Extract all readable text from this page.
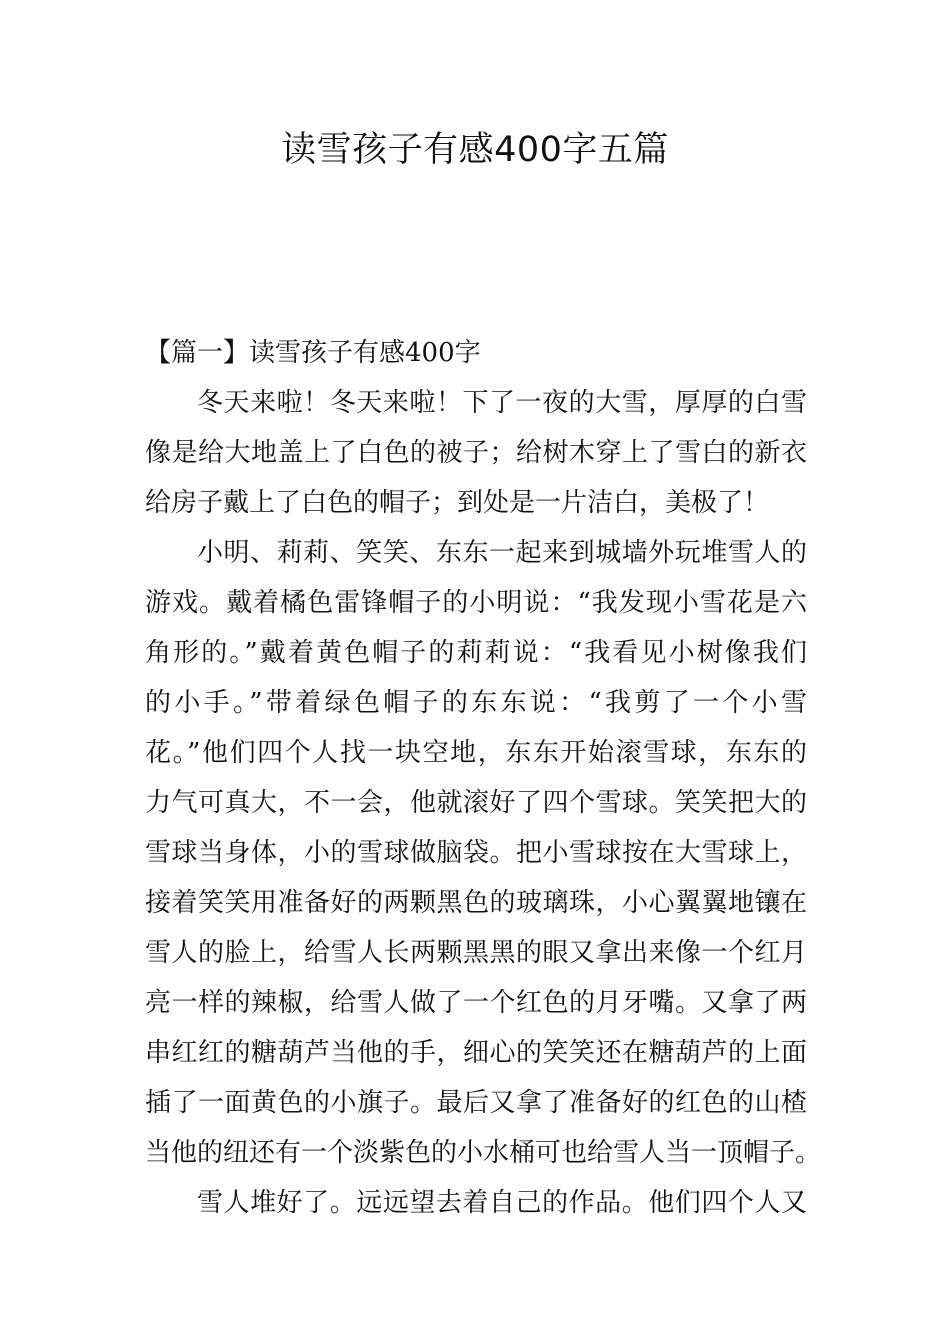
读雪孩子有感400字五篇

【篇一】读雪孩子有感400字

冬天来啦！冬天来啦！下了一夜的大雪，厚厚的白雪
像是给大地盖上了白色的被子；给树木穿上了雪白的新衣
给房子戴上了白色的帽子；到处是一片洁白，美极了！

小明、莉莉、笑笑、东东一起来到城墙外玩堆雪人的
游戏。戴着橘色雷锋帽子的小明说：“我发现小雪花是六
角形的。”戴着黄色帽子的莉莉说：“我看见小树像我们
的小手。”带着绿色帽子的东东说：“我剪了一个小雪
花。”他们四个人找一块空地，东东开始滚雪球，东东的
力气可真大，不一会，他就滚好了四个雪球。笑笑把大的
雪球当身体，小的雪球做脑袋。把小雪球按在大雪球上，
接着笑笑用准备好的两颗黑色的玻璃珠，小心翼翼地镶在
雪人的脸上，给雪人长两颗黑黑的眼又拿出来像一个红月
亮一样的辣椒，给雪人做了一个红色的月牙嘴。又拿了两
串红红的糖葫芦当他的手，细心的笑笑还在糖葫芦的上面
插了一面黄色的小旗子。最后又拿了准备好的红色的山楂
当他的纽还有一个淡紫色的小水桶可也给雪人当一顶帽子。

雪人堆好了。远远望去着自己的作品。他们四个人又
